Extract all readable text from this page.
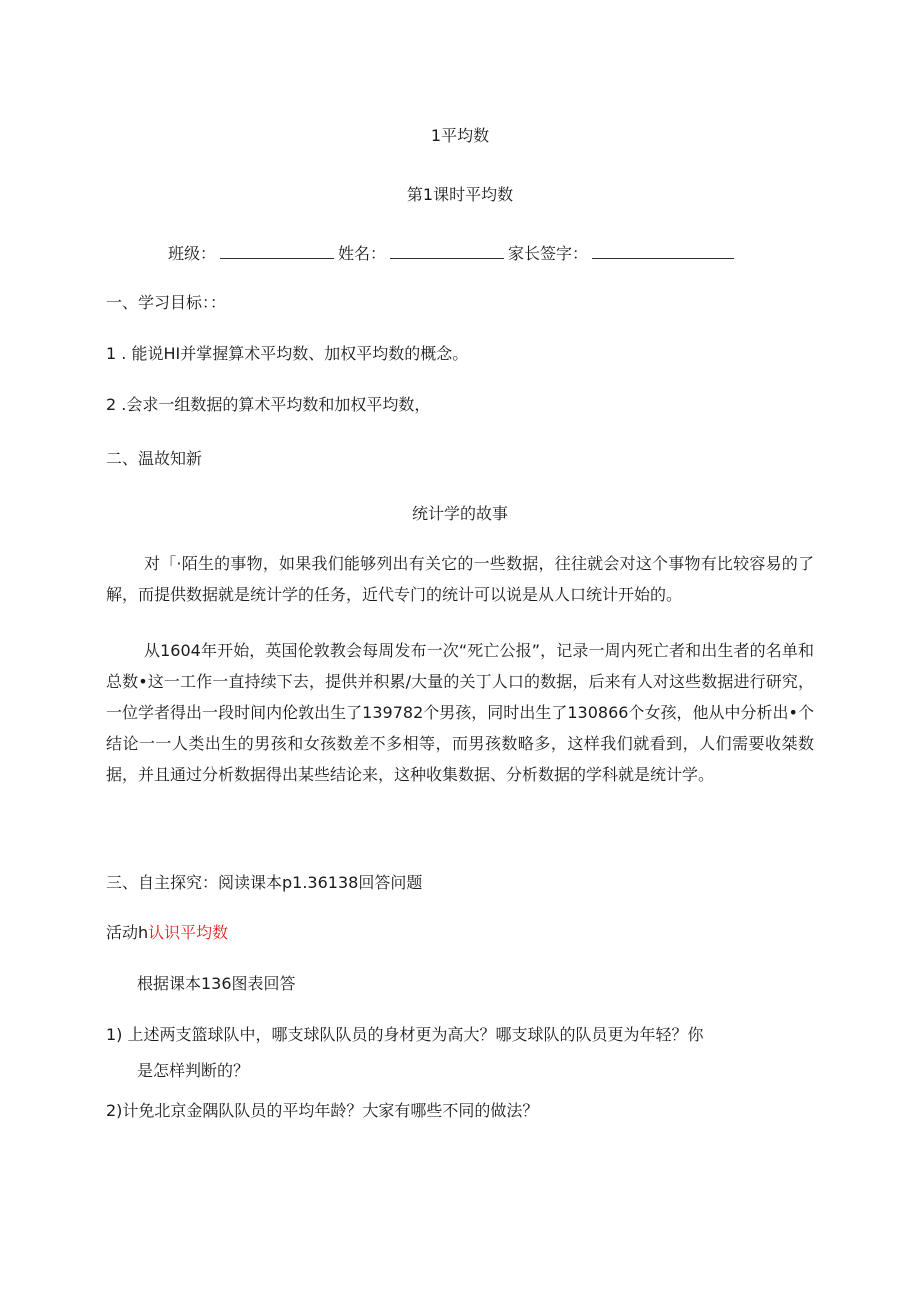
1平均数
第1课时平均数
班级：	姓名：	家长签字：
一、学习目标：：
1 . 能说HI并掌握算术平均数、加权平均数的概念。
2 .会求一组数据的算术平均数和加权平均数，
二、温故知新
统计学的故事
对「·陌生的事物，如果我们能够列出有关它的一些数据，往往就会对这个事物有比较容易的了解，而提供数据就是统计学的任务，近代专门的统计可以说是从人口统计开始的。
从1604年开始，英国伦敦教会每周发布一次“死亡公报”，记录一周内死亡者和出生者的名单和总数•这一工作一直持续下去，提供并积累/大量的关丁人口的数据，后来有人对这些数据进行研究，一位学者得出一段时间内伦敦出生了139782个男孩，同时出生了130866个女孩，他从中分析出•个结论一一人类出生的男孩和女孩数差不多相等，而男孩数略多，这样我们就看到，人们需要收桀数据，并且通过分析数据得出某些结论来，这种收集数据、分析数据的学科就是统计学。
三、自主探究：阅读课本p1.36138回答问题
活动h认识平均数
根据课本136图表回答
1) 上述两支篮球队中，哪支球队队员的身材更为高大？哪支球队的队员更为年轻？你
是怎样判断的？
2)计免北京金隅队队员的平均年龄？大家有哪些不同的做法？
